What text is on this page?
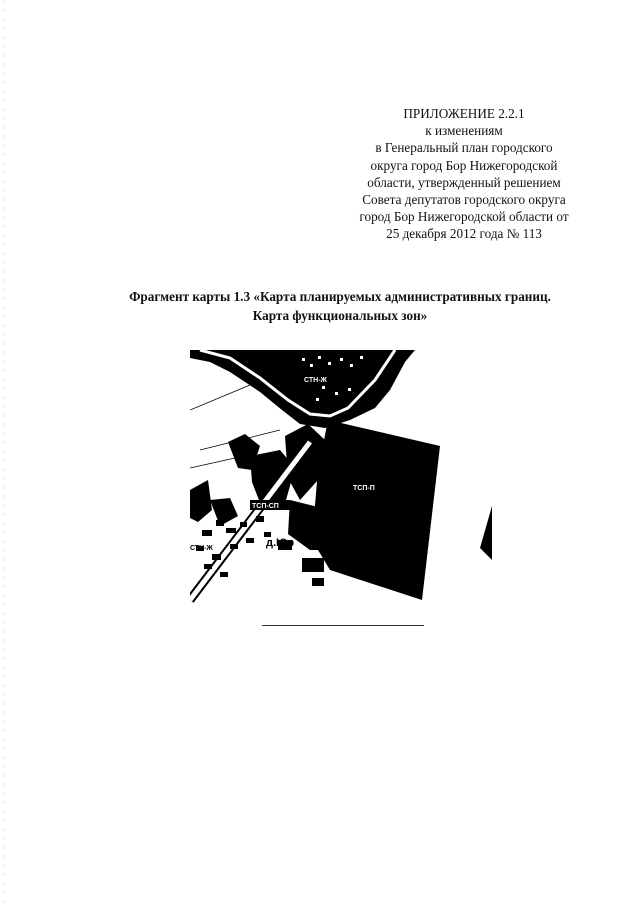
ПРИЛОЖЕНИЕ 2.2.1
к изменениям
в Генеральный план городского
округа город Бор Нижегородской
области, утвержденный решением
Совета депутатов городского округа
город Бор Нижегородской области от
25 декабря 2012 года № 113
Фрагмент карты 1.3 «Карта планируемых административных границ.
Карта функциональных зон»
СТН-Ж
ТСП-П
ТСП-СП
СТН-Ж	д.Юр
